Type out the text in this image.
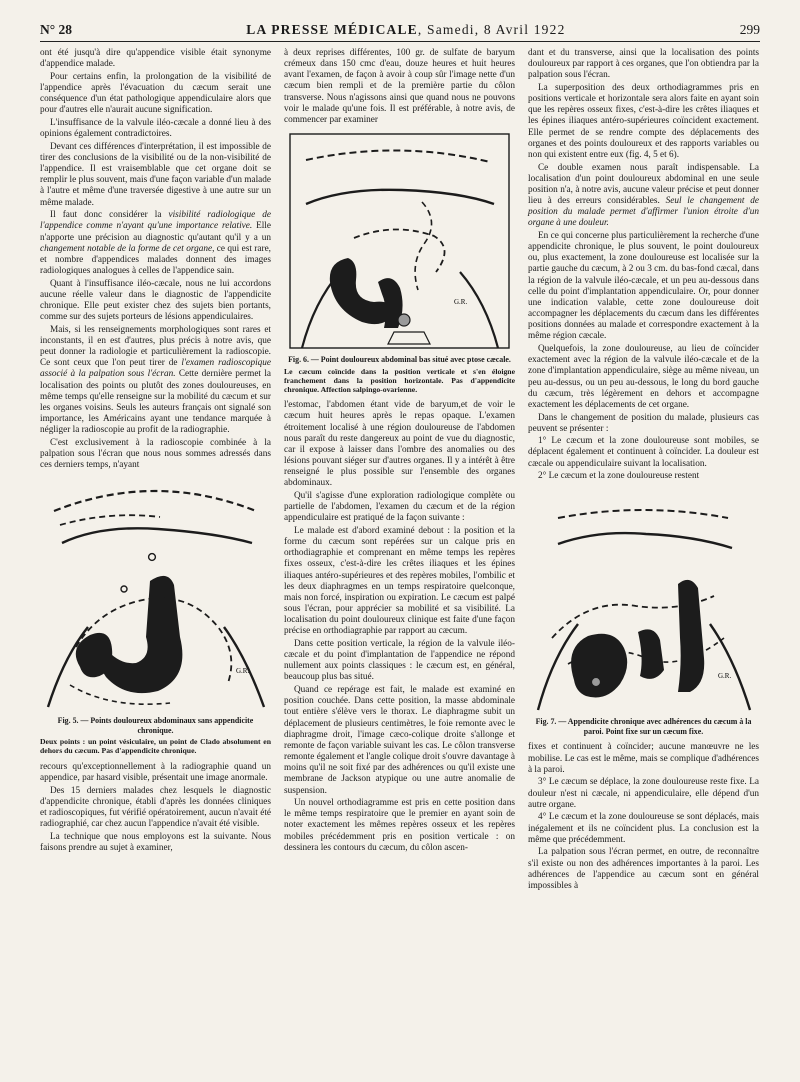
N° 28	LA PRESSE MÉDICALE, Samedi, 8 Avril 1922	299

ont été jusqu'à dire qu'appendice visible était synonyme d'appendice malade.

Pour certains enfin, la prolongation de la visibilité de l'appendice après l'évacuation du cæcum serait une conséquence d'un état pathologique appendiculaire alors que pour d'autres elle n'aurait aucune signification.

L'insuffisance de la valvule iléo-cæcale a donné lieu à des opinions également contradictoires.

Devant ces différences d'interprétation, il est impossible de tirer des conclusions de la visibilité ou de la non-visibilité de l'appendice. Il est vraisemblable que cet organe doit se remplir le plus souvent, mais d'une façon variable d'un malade à l'autre et même d'une traversée digestive à une autre sur un même malade.

Il faut donc considérer la visibilité radiologique de l'appendice comme n'ayant qu'une importance relative. Elle n'apporte une précision au diagnostic qu'autant qu'il y a un changement notable de la forme de cet organe, ce qui est rare, et nombre d'appendices malades donnent des images radiologiques analogues à celles de l'appendice sain.

Quant à l'insuffisance iléo-cæcale, nous ne lui accordons aucune réelle valeur dans le diagnostic de l'appendicite chronique. Elle peut exister chez des sujets bien portants, comme sur des sujets porteurs de lésions appendiculaires.

Mais, si les renseignements morphologiques sont rares et inconstants, il en est d'autres, plus précis à notre avis, que peut donner la radiologie et particulièrement la radioscopie. Ce sont ceux que l'on peut tirer de l'examen radioscopique associé à la palpation sous l'écran. Cette dernière permet la localisation des points ou plutôt des zones douloureuses, en même temps qu'elle renseigne sur la mobilité du cæcum et sur les organes voisins. Seuls les auteurs français ont signalé son importance, les Américains ayant une tendance marquée à négliger la radioscopie au profit de la radiographie.

C'est exclusivement à la radioscopie combinée à la palpation sous l'écran que nous nous sommes adressés dans ces derniers temps, n'ayant

G.R.
Fig. 5. — Points douloureux abdominaux sans appendicite chronique.
Deux points : un point vésiculaire, un point de Clado absolument en dehors du cæcum. Pas d'appendicite chronique.

recours qu'exceptionnellement à la radiographie quand un appendice, par hasard visible, présentait une image anormale.

Des 15 derniers malades chez lesquels le diagnostic d'appendicite chronique, établi d'après les données cliniques et radioscopiques, fut vérifié opératoirement, aucun n'avait été radiographié, car chez aucun l'appendice n'avait été visible.

La technique que nous employons est la suivante. Nous faisons prendre au sujet à examiner,

à deux reprises différentes, 100 gr. de sulfate de baryum crémeux dans 150 cmc d'eau, douze heures et huit heures avant l'examen, de façon à avoir à coup sûr l'image nette d'un cæcum bien rempli et de la première partie du côlon transverse. Nous n'agissons ainsi que quand nous ne pouvons voir le malade qu'une fois. Il est préférable, à notre avis, de commencer par examiner

G.R.
Fig. 6. — Point douloureux abdominal bas situé avec ptose cæcale.
Le cæcum coïncide dans la position verticale et s'en éloigne franchement dans la position horizontale. Pas d'appendicite chronique. Affection salpingo-ovarienne.

l'estomac, l'abdomen étant vide de baryum,et de voir le cæcum huit heures après le repas opaque. L'examen étroitement localisé à une région douloureuse de l'abdomen nous paraît du reste dangereux au point de vue du diagnostic, car il expose à laisser dans l'ombre des anomalies ou des lésions pouvant siéger sur d'autres organes. Il y a intérêt à être renseigné le plus possible sur l'ensemble des organes abdominaux.

Qu'il s'agisse d'une exploration radiologique complète ou partielle de l'abdomen, l'examen du cæcum et de la région appendiculaire est pratiqué de la façon suivante :

Le malade est d'abord examiné debout : la position et la forme du cæcum sont repérées sur un calque pris en orthodiagraphie et comprenant en même temps les repères fixes osseux, c'est-à-dire les crêtes iliaques et les épines iliaques antéro-supérieures et des repères mobiles, l'ombilic et les deux diaphragmes en un temps respiratoire quelconque, mais non forcé, inspiration ou expiration. Le cæcum est palpé sous l'écran, pour apprécier sa mobilité et sa visibilité. La localisation du point douloureux clinique est faite d'une façon précise en orthodiagraphie par rapport au cæcum.

Dans cette position verticale, la région de la valvule iléo-cæcale et du point d'implantation de l'appendice ne répond nullement aux points classiques : le cæcum est, en général, beaucoup plus bas situé.

Quand ce repérage est fait, le malade est examiné en position couchée. Dans cette position, la masse abdominale tout entière s'élève vers le thorax. Le diaphragme subit un déplacement de plusieurs centimètres, le foie remonte avec le diaphragme droit, l'image cæco-colique droite s'allonge et remonte de façon variable suivant les cas. Le côlon transverse remonte également et l'angle colique droit s'ouvre davantage à moins qu'il ne soit fixé par des adhérences ou qu'il existe une membrane de Jackson atypique ou une autre anomalie de suspension.

Un nouvel orthodiagramme est pris en cette position dans le même temps respiratoire que le premier en ayant soin de noter exactement les mêmes repères osseux et les repères mobiles précédemment pris en position verticale : on dessinera les contours du cæcum, du côlon ascen-

dant et du transverse, ainsi que la localisation des points douloureux par rapport à ces organes, que l'on obtiendra par la palpation sous l'écran.

La superposition des deux orthodiagrammes pris en positions verticale et horizontale sera alors faite en ayant soin que les repères osseux fixes, c'est-à-dire les crêtes iliaques et les épines iliaques antéro-supérieures coïncident exactement. Elle permet de se rendre compte des déplacements des organes et des points douloureux et des rapports variables ou non qui existent entre eux (fig. 4, 5 et 6).

Ce double examen nous paraît indispensable. La localisation d'un point douloureux abdominal en une seule position n'a, à notre avis, aucune valeur précise et peut donner lieu à des erreurs considérables. Seul le changement de position du malade permet d'affirmer l'union étroite d'un organe à une douleur.

En ce qui concerne plus particulièrement la recherche d'une appendicite chronique, le plus souvent, le point douloureux ou, plus exactement, la zone douloureuse est localisée sur la partie gauche du cæcum, à 2 ou 3 cm. du bas-fond cæcal, dans la région de la valvule iléo-cæcale, et un peu au-dessous dans celle du point d'implantation appendiculaire. Or, pour donner une indication valable, cette zone douloureuse doit accompagner les déplacements du cæcum dans les différentes positions données au malade et correspondre exactement à la même région cæcale.

Quelquefois, la zone douloureuse, au lieu de coïncider exactement avec la région de la valvule iléo-cæcale et de la zone d'implantation appendiculaire, siège au même niveau, un peu au-dessus, ou un peu au-dessous, le long du bord gauche du cæcum, très légèrement en dehors et accompagne exactement les déplacements de cet organe.

Dans le changement de position du malade, plusieurs cas peuvent se présenter :

1° Le cæcum et la zone douloureuse sont mobiles, se déplacent également et continuent à coïncider. La douleur est cæcale ou appendiculaire suivant la localisation.

2° Le cæcum et la zone douloureuse restent

G.R.
Fig. 7. — Appendicite chronique avec adhérences du cæcum à la paroi. Point fixe sur un cæcum fixe.

fixes et continuent à coïncider; aucune manœuvre ne les mobilise. Le cas est le même, mais se complique d'adhérences à la paroi.

3° Le cæcum se déplace, la zone douloureuse reste fixe. La douleur n'est ni cæcale, ni appendiculaire, elle dépend d'un autre organe.

4° Le cæcum et la zone douloureuse se sont déplacés, mais inégalement et ils ne coïncident plus. La conclusion est la même que précédemment.

La palpation sous l'écran permet, en outre, de reconnaître s'il existe ou non des adhérences importantes à la paroi. Les adhérences de l'appendice au cæcum sont en général impossibles à
